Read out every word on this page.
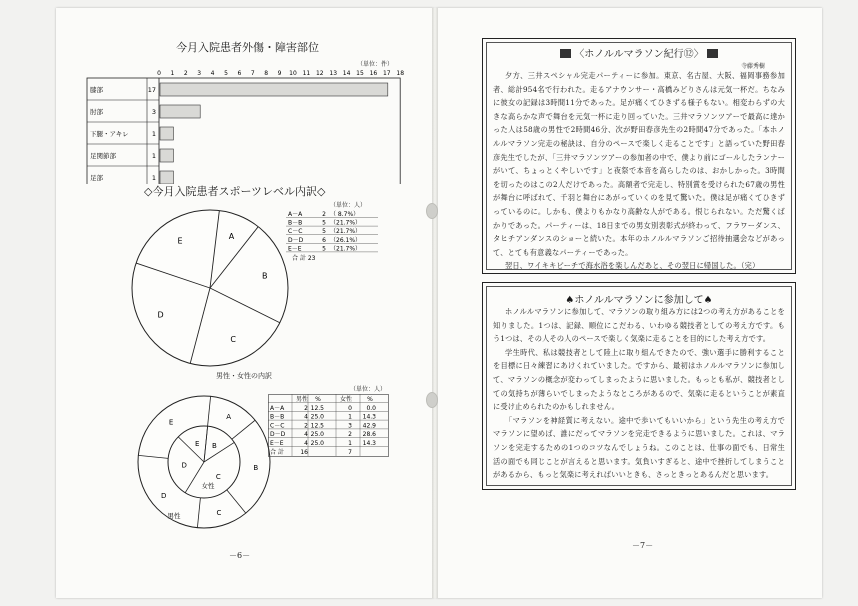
今月入院患者外傷・障害部位
（単位：件）
0 1 2 3 4 5 6 7 8 9 10 11 12 13 14 15 16 17 18
膝部	17
肘部	3
下腿・アキレ	1
足関節部	1
足部	1
◇今月入院患者スポーツレベル内訳◇
（単位：人）
A
B
C
D
E
A－A	2 （ 8.7%）
B－B	5 （21.7%）
C－C	5 （21.7%）
D－D	6 （26.1%）
E－E	5 （21.7%）
合 計 23
男性・女性の内訳
（単位：人）
A
B
C
D
E
B
C
D
E
女性
男性
男性 %	女性	%
A－A	2 12.5	0 0.0
B－B	4 25.0	1 14.3
C－C	2 12.5	3 42.9
D－D	4 25.0	2 28.6
E－E	4 25.0	1 14.3
合 計	16	7
－6－
〈ホノルルマラソン紀行⑫〉
寺藤秀樹

夕方、三井スペシャル完走パーティーに参加。東京、名古屋、大阪、福岡事務参加者、総計954名で行われた。走るアナウンサー・高橋みどりさんは元気一杯だ。ちなみに彼女の記録は3時間11分であった。足が痛くてひきずる様子もない。相変わらずの大きな高らかな声で舞台を元気一杯に走り回っていた。三井マラソンツアーで最高に達かった人は58歳の男性で2時間46分、次が野田春彦先生の2時間47分であった。「本ホノルルマラソン完走の秘訣は、自分のペースで楽しく走ることです」と語っていた野田春彦先生でしたが、「三井マラソンツアーの参加者の中で、僕より前にゴールしたランナーがいて、ちょっとくやしいです」と夜祭で本音を高らしたのは、おかしかった。3時間を切ったのはこの2人だけであった。高額者で完走し、特別賞を受けられた67歳の男性が舞台に呼ばれて、千羽と舞台にあがっていくのを見て驚いた。僕は足が痛くてひきずっているのに。しかも、僕よりもかなり高齢な人がである。恨じられない。ただ驚くばかりであった。パーティーは、18日までの男女別表彰式が終わって、フラワーダンス、タヒチアンダンスのショーと続いた。本年のホノルルマラソンご招待抽選会などがあって、とても有意義なパーティーであった。

翌日、ワイキキビーチで海水浴を楽しんだあと、その翌日に帰国した。（完）

♠ホノルルマラソンに参加して♠

ホノルルマラソンに参加して、マラソンの取り組み方には2つの考え方があることを知りました。1つは、記録、順位にこだわる、いわゆる競技者としての考え方です。もう1つは、その人その人のペースで楽しく気楽に走ることを目的にした考え方です。

学生時代、私は競技者として陸上に取り組んできたので、強い選手に勝利することを目標に日々練習にあけくれていました。ですから、最初はホノルルマラソンに参加して、マラソンの概念が変わってしまったように思いました。もっとも私が、競技者としての気持ちが薄らいでしまったようなところがあるので、気楽に走るということが素直に受け止められたのかもしれません。

「マラソンを神経質に考えない。途中で歩いてもいいから」という先生の考え方でマラソンに望めば、誰にだってマラソンを完走できるように思いました。これは、マラソンを完走するための1つのコツなんでしょうね。このことは、仕事の面でも、日常生活の面でも同じことが言えると思います。気負いすぎると、途中で挫折してしまうことがあるから、もっと気楽に考えればいいときも、さっときっとあるんだと思います。

－7－
